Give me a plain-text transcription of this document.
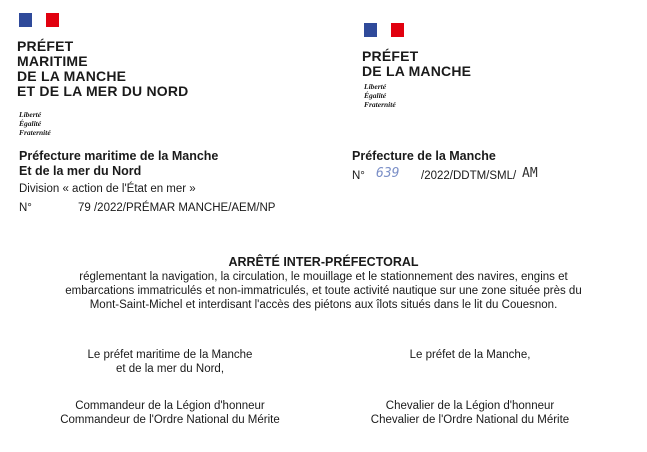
PRÉFET
MARITIME
DE LA MANCHE
ET DE LA MER DU NORD
Liberté
Égalité
Fraternité
Préfecture maritime de la Manche
Et de la mer du Nord
Division « action de l'État en mer »
N°	79 /2022/PRÉMAR MANCHE/AEM/NP
PRÉFET
DE LA MANCHE
Liberté
Égalité
Fraternité
Préfecture de la Manche
N° 639 /2022/DDTM/SML/ AM
ARRÊTÉ INTER-PRÉFECTORAL
réglementant la navigation, la circulation, le mouillage et le stationnement des navires, engins et
embarcations immatriculés et non-immatriculés, et toute activité nautique sur une zone située près du
Mont-Saint-Michel et interdisant l'accès des piétons aux îlots situés dans le lit du Couesnon.
Le préfet maritime de la Manche
et de la mer du Nord,
Le préfet de la Manche,
Commandeur de la Légion d'honneur
Commandeur de l'Ordre National du Mérite
Chevalier de la Légion d'honneur
Chevalier de l'Ordre National du Mérite
